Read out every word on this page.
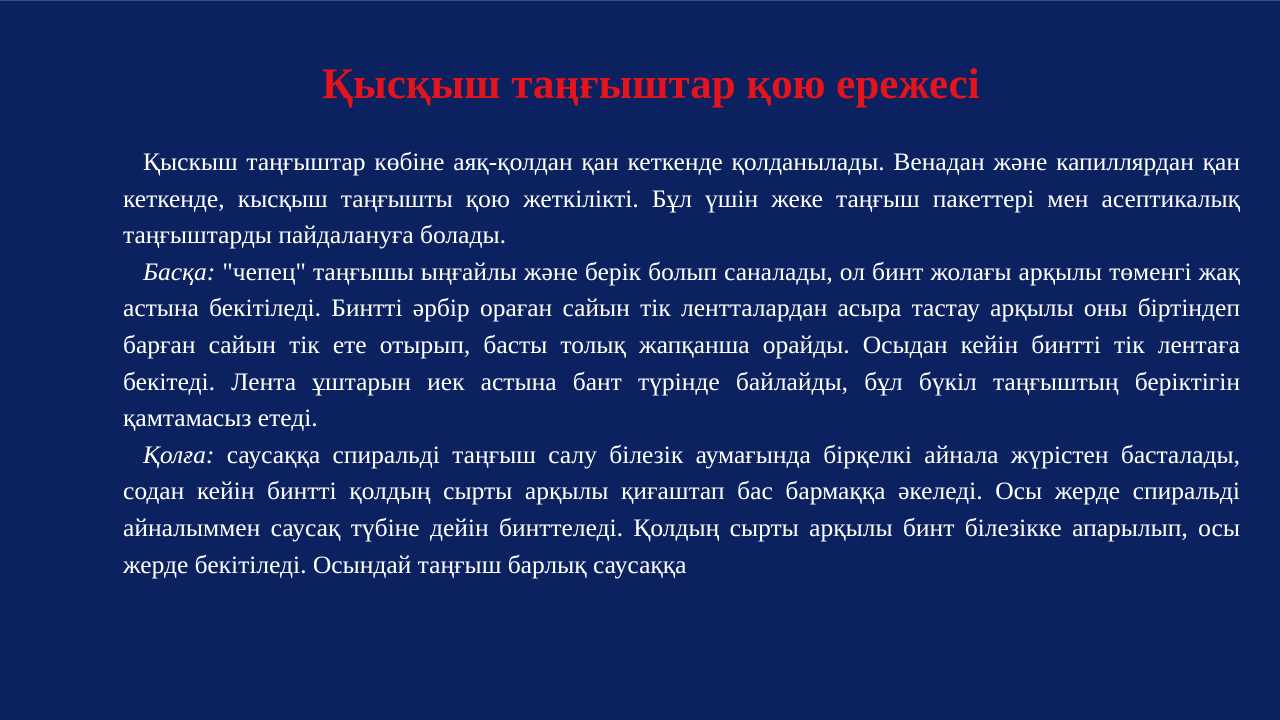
Қысқыш таңғыштар қою ережесі.

Қыскыш таңғыштар көбіне аяқ-қолдан қан кеткенде қолданылады. Венадан және капиллярдан қан кеткенде, кысқыш таңғышты қою жеткілікті. Бұл үшін жеке таңғыш пакеттері мен асептикалық таңғыштарды пайдалануға болады.

Басқа: "чепец" таңғышы ыңғайлы және берік болып саналады, ол бинт жолағы арқылы төменгі жақ астына бекітіледі. Бинтті әрбір ораған сайын тік лентталардан асыра тастау арқылы оны біртіндеп барған сайын тік ете отырып, басты толық жапқанша орайды. Осыдан кейін бинтті тік лентаға бекітеді. Лента ұштарын иек астына бант түрінде байлайды, бұл бүкіл таңғыштың беріктігін қамтамасыз етеді.

Қолға: саусаққа спиральді таңғыш салу білезік аумағында бірқелкі айнала жүрістен басталады, содан кейін бинтті қолдың сырты арқылы қиғаштап бас бармаққа әкеледі. Осы жерде спиральді айналыммен саусақ түбіне дейін бинттеледі. Қолдың сырты арқылы бинт білезікке апарылып, осы жерде бекітіледі. Осындай таңғыш барлық саусаққа
